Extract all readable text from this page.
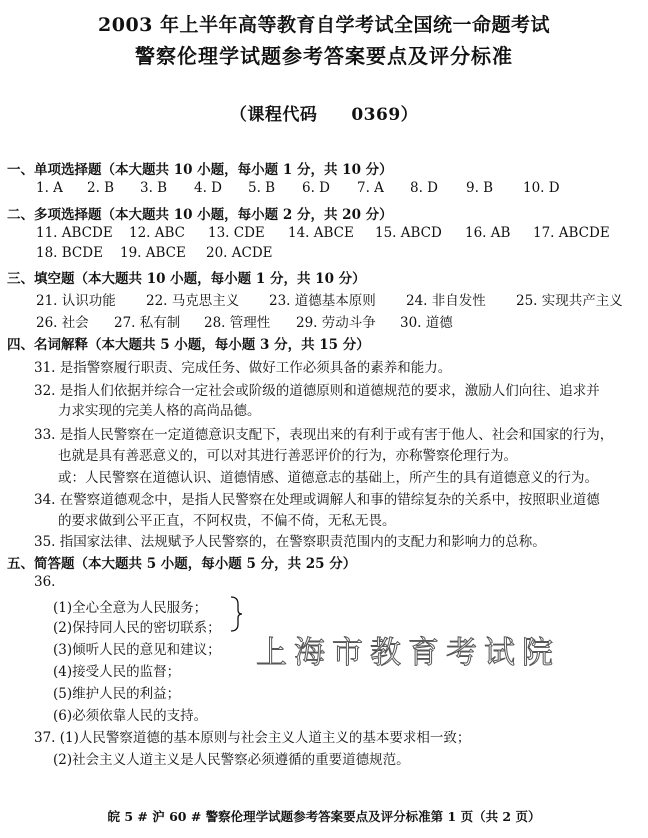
2003 年上半年高等教育自学考试全国统一命题考试
警察伦理学试题参考答案要点及评分标准
（课程代码 0369）
一、单项选择题（本大题共 10 小题，每小题 1 分，共 10 分）
1. A 2. B 3. B 4. D 5. B 6. D 7. A 8. D 9. B 10. D
二、多项选择题（本大题共 10 小题，每小题 2 分，共 20 分）
11. ABCDE 12. ABC 13. CDE 14. ABCE 15. ABCD 16. AB 17. ABCDE
18. BCDE 19. ABCE 20. ACDE
三、填空题（本大题共 10 小题，每小题 1 分，共 10 分）
21. 认识功能 22. 马克思主义 23. 道德基本原则 24. 非自发性 25. 实现共产主义
26. 社会 27. 私有制 28. 管理性 29. 劳动斗争 30. 道德
四、名词解释（本大题共 5 小题，每小题 3 分，共 15 分）
31. 是指警察履行职责、完成任务、做好工作必须具备的素养和能力。
32. 是指人们依据并综合一定社会或阶级的道德原则和道德规范的要求，激励人们向往、追求并
力求实现的完美人格的高尚品德。
33. 是指人民警察在一定道德意识支配下，表现出来的有利于或有害于他人、社会和国家的行为，
也就是具有善恶意义的，可以对其进行善恶评价的行为，亦称警察伦理行为。
或：人民警察在道德认识、道德情感、道德意志的基础上，所产生的具有道德意义的行为。
34. 在警察道德观念中，是指人民警察在处理或调解人和事的错综复杂的关系中，按照职业道德
的要求做到公平正直，不阿权贵，不偏不倚，无私无畏。
35. 指国家法律、法规赋予人民警察的，在警察职责范围内的支配力和影响力的总称。
五、简答题（本大题共 5 小题，每小题 5 分，共 25 分）
36.
(1)全心全意为人民服务；
(2)保持同人民的密切联系；
(3)倾听人民的意见和建议；
(4)接受人民的监督；
(5)维护人民的利益；
(6)必须依靠人民的支持。
37. (1)人民警察道德的基本原则与社会主义人道主义的基本要求相一致；
(2)社会主义人道主义是人民警察必须遵循的重要道德规范。
上海市教育考试院
皖 5 # 沪 60 # 警察伦理学试题参考答案要点及评分标准第 1 页（共 2 页）
